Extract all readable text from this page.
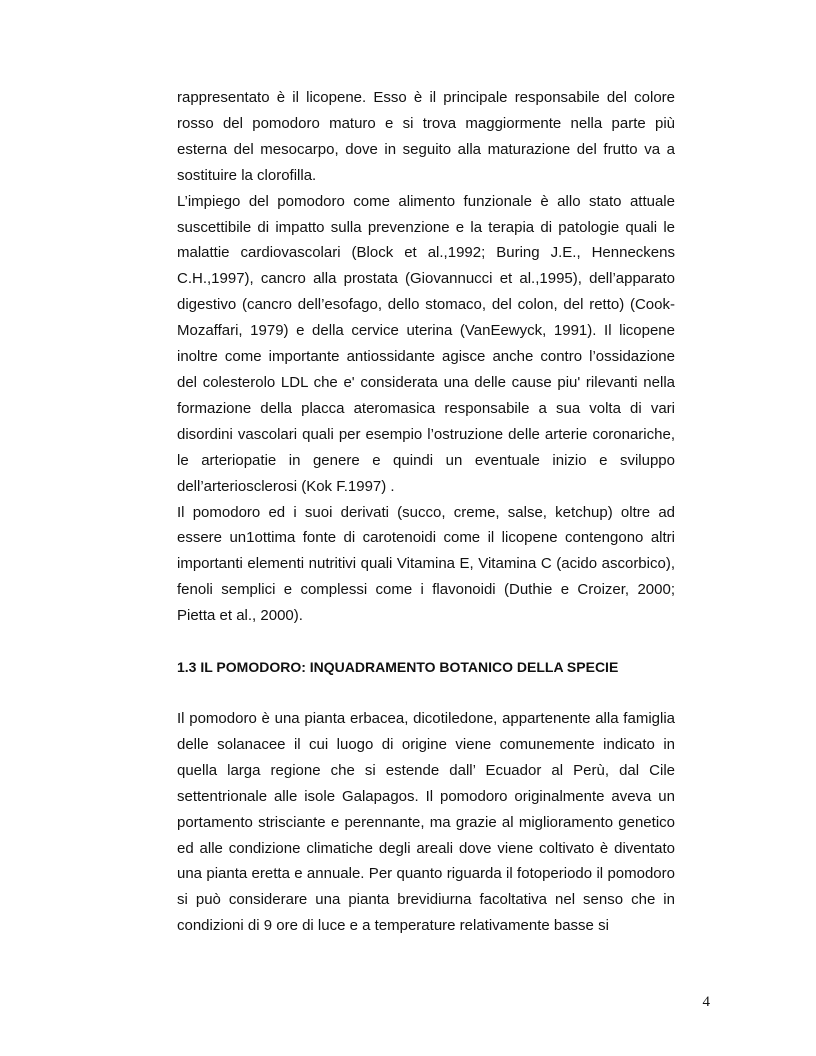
rappresentato è il licopene. Esso è il principale responsabile del colore rosso del pomodoro maturo e si trova maggiormente nella parte più esterna del mesocarpo, dove in seguito alla maturazione del frutto va a sostituire la clorofilla.

L’impiego del pomodoro come alimento funzionale è allo stato attuale suscettibile di impatto sulla prevenzione e la terapia di patologie quali le malattie cardiovascolari (Block et al.,1992; Buring J.E., Henneckens C.H.,1997), cancro alla prostata (Giovannucci et al.,1995), dell’apparato digestivo (cancro dell’esofago, dello stomaco, del colon, del retto) (Cook-Mozaffari, 1979) e della cervice uterina (VanEewyck, 1991). Il licopene inoltre come importante antiossidante agisce anche contro l’ossidazione del colesterolo LDL che e' considerata una delle cause piu' rilevanti nella formazione della placca ateromasica responsabile a sua volta di vari disordini vascolari quali per esempio l’ostruzione delle arterie coronariche, le arteriopatie in genere e quindi un eventuale inizio e sviluppo dell’arteriosclerosi (Kok F.1997) .

Il pomodoro ed i suoi derivati (succo, creme, salse, ketchup) oltre ad essere un1ottima fonte di carotenoidi come il licopene contengono altri importanti elementi nutritivi quali Vitamina E, Vitamina C (acido ascorbico), fenoli semplici e complessi come i flavonoidi (Duthie e Croizer, 2000; Pietta et al., 2000).

1.3 IL POMODORO: INQUADRAMENTO BOTANICO DELLA SPECIE

Il pomodoro è una pianta erbacea, dicotiledone, appartenente alla famiglia delle solanacee il cui luogo di origine viene comunemente indicato in quella larga regione che si estende dall’ Ecuador al Perù, dal Cile settentrionale alle isole Galapagos. Il pomodoro originalmente aveva un portamento strisciante e perennante, ma grazie al miglioramento genetico ed alle condizione climatiche degli areali dove viene coltivato è diventato una pianta eretta e annuale. Per quanto riguarda il fotoperiodo il pomodoro si può considerare una pianta brevidiurna facoltativa nel senso che in condizioni di 9 ore di luce e a temperature relativamente basse si

4
